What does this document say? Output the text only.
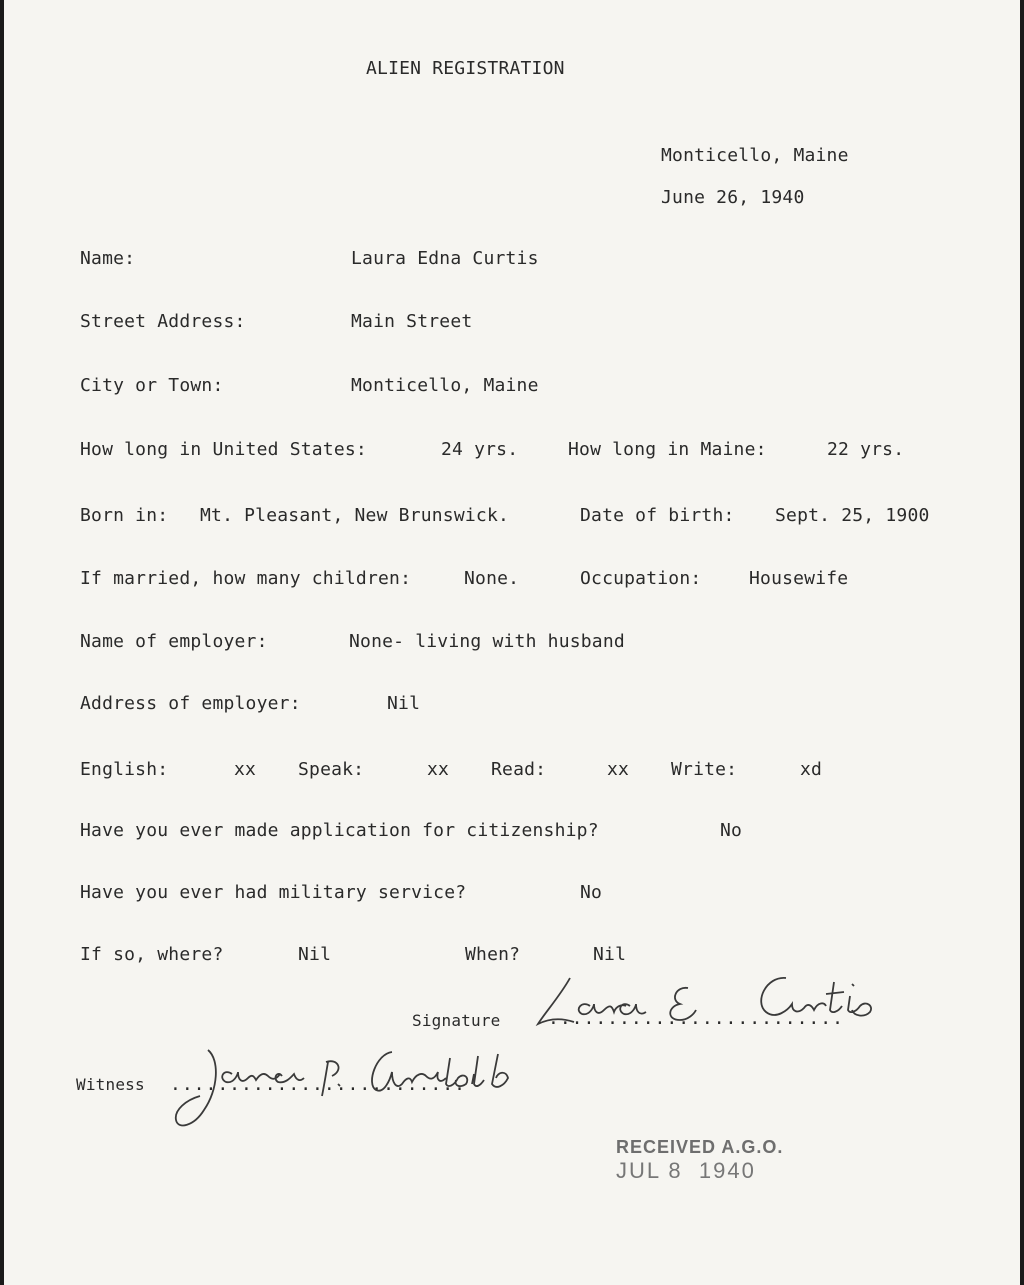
ALIEN REGISTRATION
Monticello, Maine
June 26, 1940
Name:	Laura Edna Curtis
Street Address:	Main Street
City or Town:	Monticello, Maine
How long in United States:	24 yrs.	How long in Maine:	22 yrs.
Born in: Mt. Pleasant, New Brunswick.	Date of birth: Sept. 25, 1900
If married, how many children:	None.	Occupation:	Housewife
Name of employer:	None- living with husband
Address of employer:	Nil
English:	xx Speak:	xx Read:	xx Write:	xd
Have you ever made application for citizenship?	No
Have you ever had military service?	No
If so, where?	Nil	When?	Nil
Signature	.........................
Witness .........................

RECEIVED A.G.O.
JUL 8  1940
